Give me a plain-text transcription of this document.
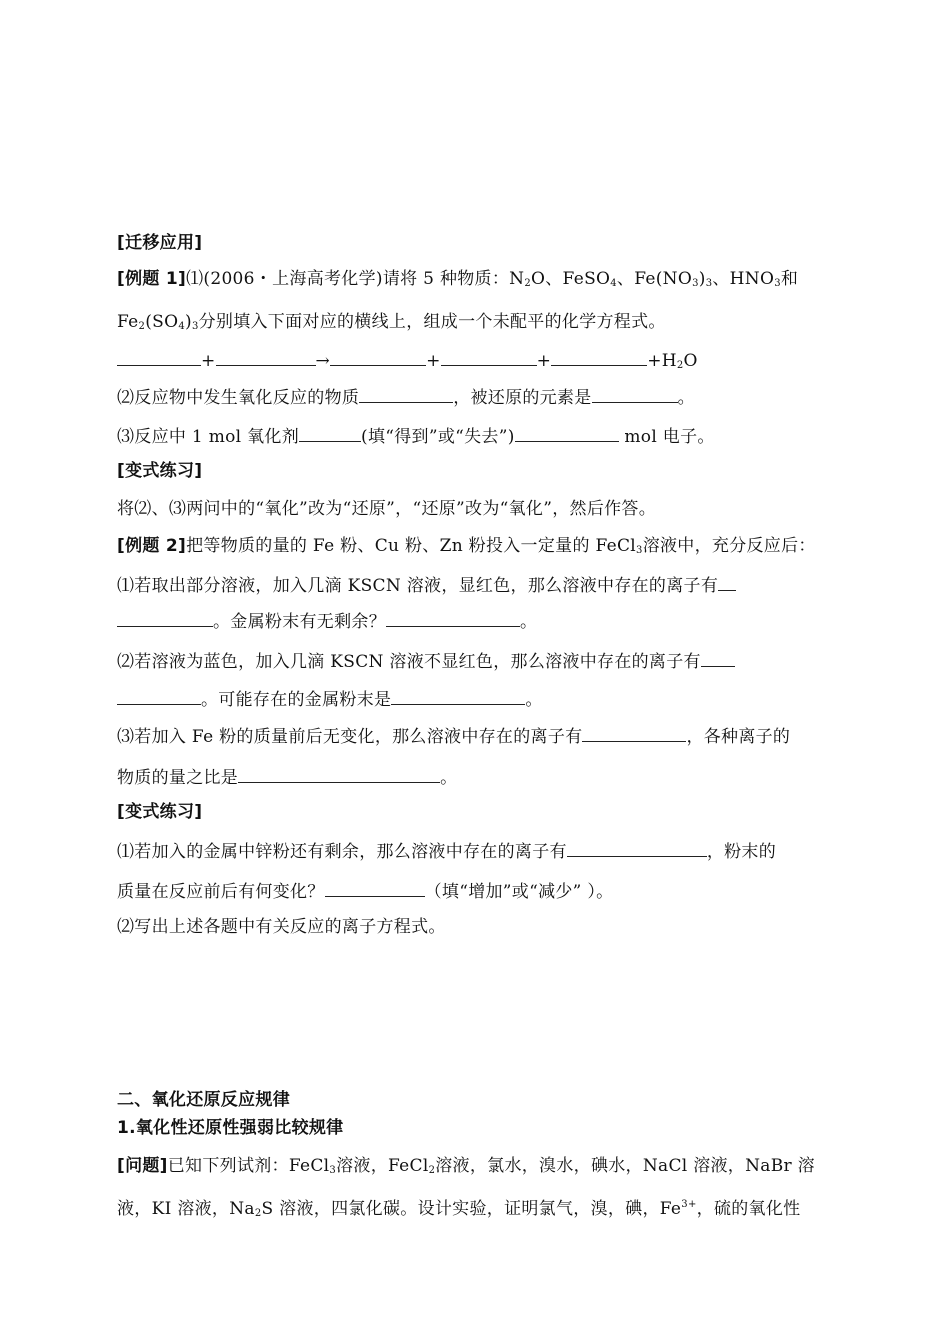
[迁移应用]
[例题 1]⑴(2006・上海高考化学)请将 5 种物质：$N_2O$、FeSO$_4$、$Fe(NO_3)_3$、$HNO_3$和
$Fe_2(SO_4)_3$分别填入下面对应的横线上，组成一个未配平的化学方程式。
+	→	+	+	$+H_2O$
⑵反应物中发生氧化反应的物质	，被还原的元素是	。
⑶反应中 1 mol 氧化剂	(填“得到”或“失去”)	mol 电子。
[变式练习]
将⑵、⑶两问中的“氧化”改为“还原”，“还原”改为“氧化”，然后作答。
[例题 2]把等物质的量的 Fe 粉、Cu 粉、Zn 粉投入一定量的 FeCl$_3$溶液中，充分反应后：
⑴若取出部分溶液，加入几滴 KSCN 溶液，显红色，那么溶液中存在的离子有
。金属粉末有无剩余？	。
⑵若溶液为蓝色，加入几滴 KSCN 溶液不显红色，那么溶液中存在的离子有
。可能存在的金属粉末是	。
⑶若加入 Fe 粉的质量前后无变化，那么溶液中存在的离子有	，各种离子的
物质的量之比是	。
[变式练习]
⑴若加入的金属中锌粉还有剩余，那么溶液中存在的离子有	，粉末的
质量在反应前后有何变化？	（填“增加”或“减少” ）。
⑵写出上述各题中有关反应的离子方程式。
二、氧化还原反应规律
1.氧化性还原性强弱比较规律
[问题]已知下列试剂：FeCl$_3$溶液，FeCl$_2$溶液，氯水，溴水，碘水，NaCl 溶液，NaBr 溶
液，KI 溶液，$Na_2S$ 溶液，四氯化碳。设计实验，证明氯气，溴，碘，$Fe^{3+}$，硫的氧化性
